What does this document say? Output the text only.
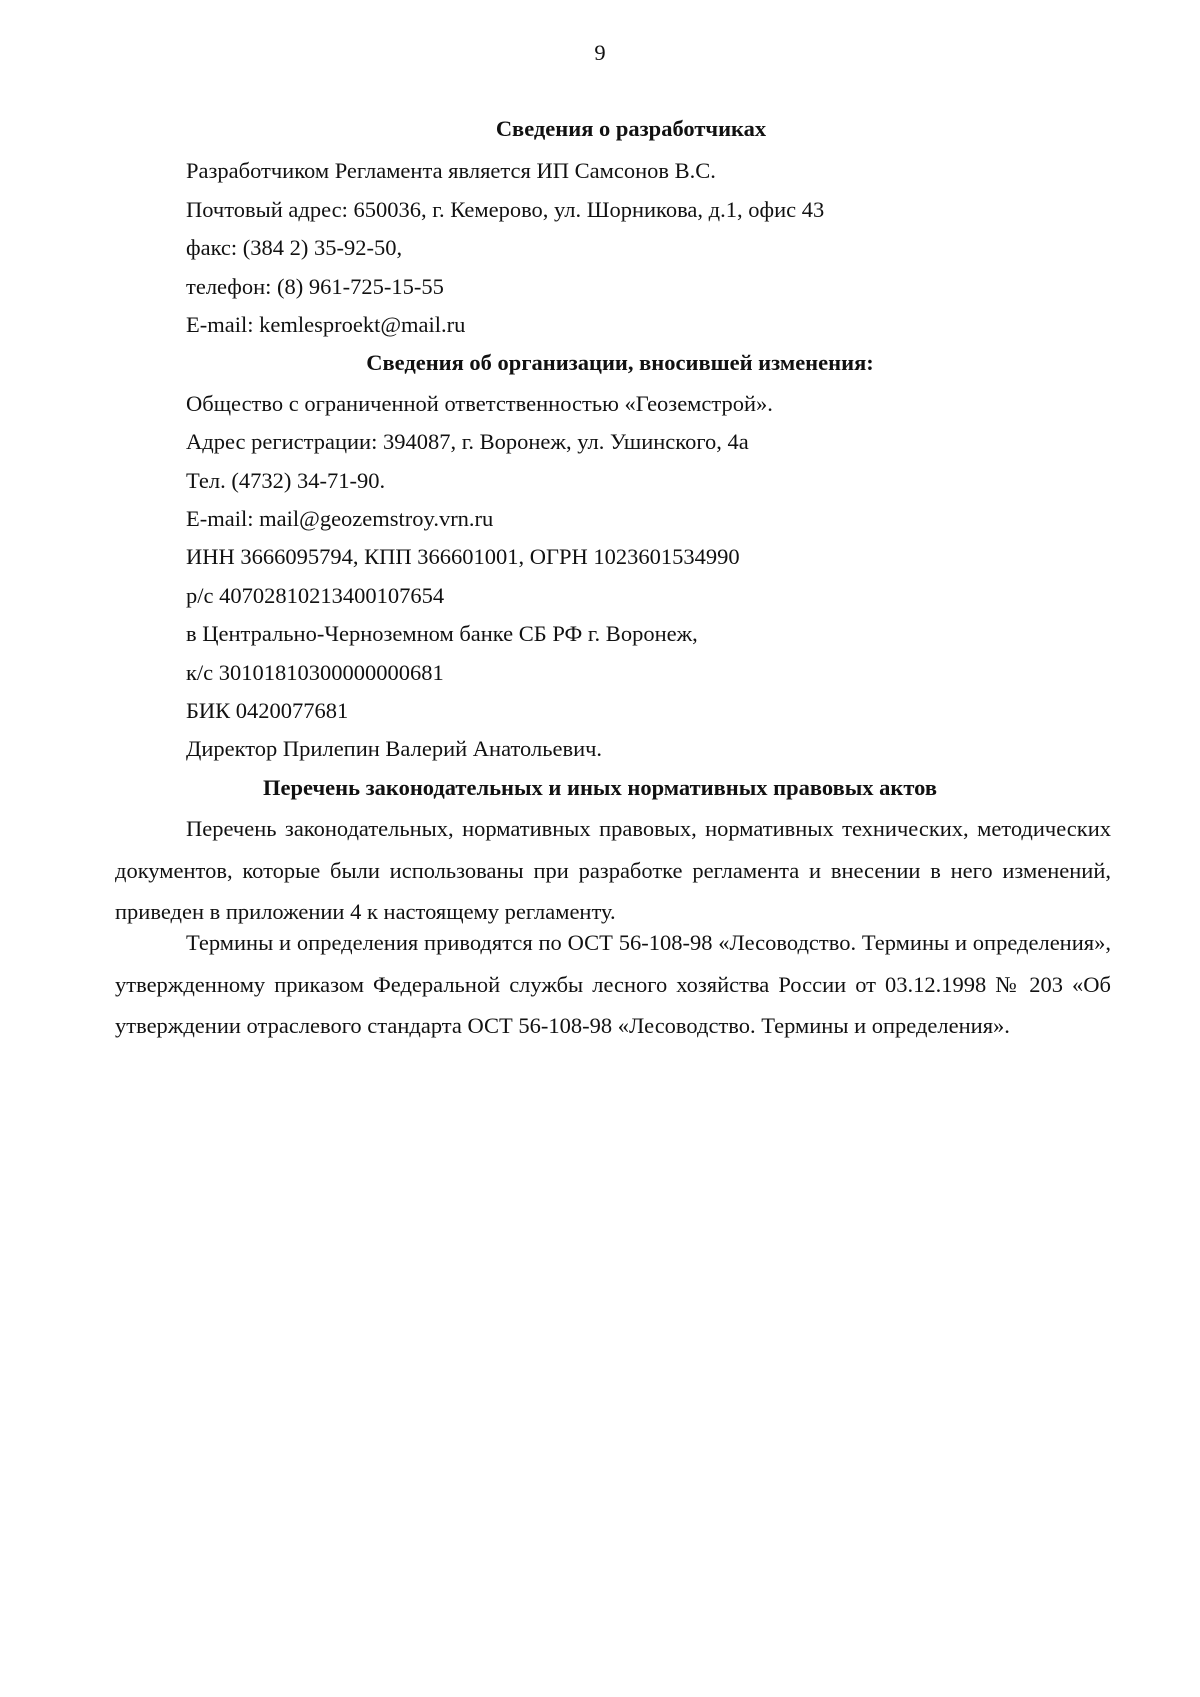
9
Сведения о разработчиках
Разработчиком Регламента является ИП Самсонов В.С.
Почтовый адрес: 650036, г. Кемерово, ул. Шорникова, д.1, офис 43
факс: (384 2) 35-92-50,
телефон: (8) 961-725-15-55
E-mail: kemlesproekt@mail.ru
Сведения об организации, вносившей изменения:
Общество с ограниченной ответственностью «Геоземстрой».
Адрес регистрации: 394087, г. Воронеж, ул. Ушинского, 4а
Тел. (4732) 34-71-90.
E-mail: mail@geozemstroy.vrn.ru
ИНН 3666095794, КПП 366601001, ОГРН 1023601534990
р/с 40702810213400107654
в Центрально-Черноземном банке СБ РФ г. Воронеж,
к/с 30101810300000000681
БИК 0420077681
Директор Прилепин Валерий Анатольевич.
Перечень законодательных и иных нормативных правовых актов
Перечень законодательных, нормативных правовых, нормативных технических, методических документов, которые были использованы при разработке регламента и внесении в него изменений, приведен в приложении 4 к настоящему регламенту.
Термины и определения приводятся по ОСТ 56-108-98 «Лесоводство. Термины и определения», утвержденному приказом Федеральной службы лесного хозяйства России от 03.12.1998 № 203 «Об утверждении отраслевого стандарта ОСТ 56-108-98 «Лесоводство. Термины и определения».
